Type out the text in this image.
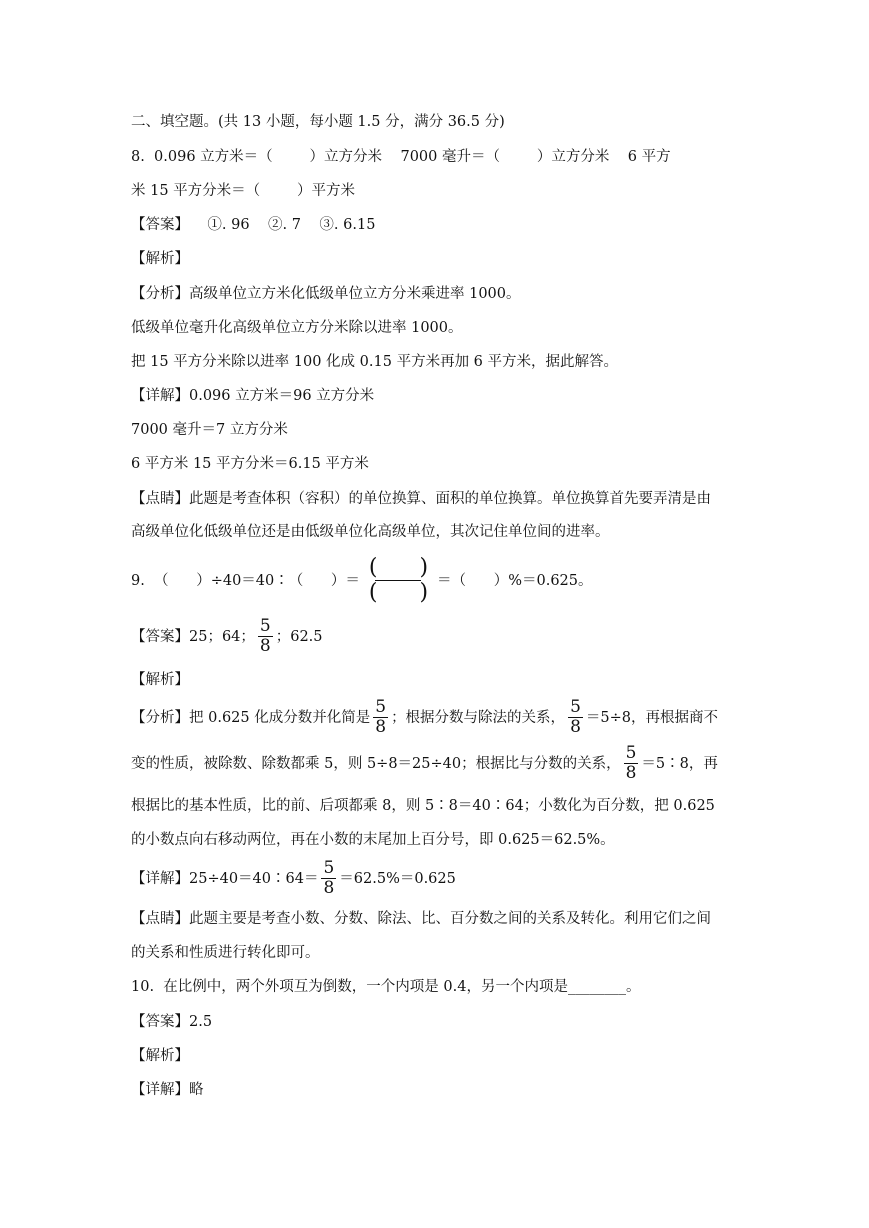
二、填空题。(共 13 小题，每小题 1.5 分，满分 36.5 分)
8.  0.096 立方米＝（        ）立方分米    7000 毫升＝（        ）立方分米    6 平方
米 15 平方分米＝（        ）平方米
【答案】    ①. 96    ②. 7    ③. 6.15
【解析】
【分析】高级单位立方米化低级单位立方分米乘进率 1000。
低级单位毫升化高级单位立方分米除以进率 1000。
把 15 平方分米除以进率 100 化成 0.15 平方米再加 6 平方米，据此解答。
【详解】0.096 立方米＝96 立方分米
7000 毫升＝7 立方分米
6 平方米 15 平方分米＝6.15 平方米
【点睛】此题是考查体积（容积）的单位换算、面积的单位换算。单位换算首先要弄清是由
高级单位化低级单位还是由低级单位化高级单位，其次记住单位间的进率。
9.  （      ）÷40＝40∶（      ）＝
(      )
(      ) ＝（      ）%＝0.625。
【答案】25；64；
5
8 ；62.5
【解析】
【分析】把 0.625 化成分数并化简是
5
8 ；根据分数与除法的关系，
5
8 ＝5÷8，再根据商不
变的性质，被除数、除数都乘 5，则 5÷8＝25÷40；根据比与分数的关系，
5
8 ＝5∶8，再
根据比的基本性质，比的前、后项都乘 8，则 5∶8＝40∶64；小数化为百分数，把 0.625
的小数点向右移动两位，再在小数的末尾加上百分号，即 0.625＝62.5%。
【详解】25÷40＝40∶64＝
5
8 ＝62.5%＝0.625
【点睛】此题主要是考查小数、分数、除法、比、百分数之间的关系及转化。利用它们之间
的关系和性质进行转化即可。
10.  在比例中，两个外项互为倒数，一个内项是 0.4，另一个内项是________。
【答案】2.5
【解析】
【详解】略
